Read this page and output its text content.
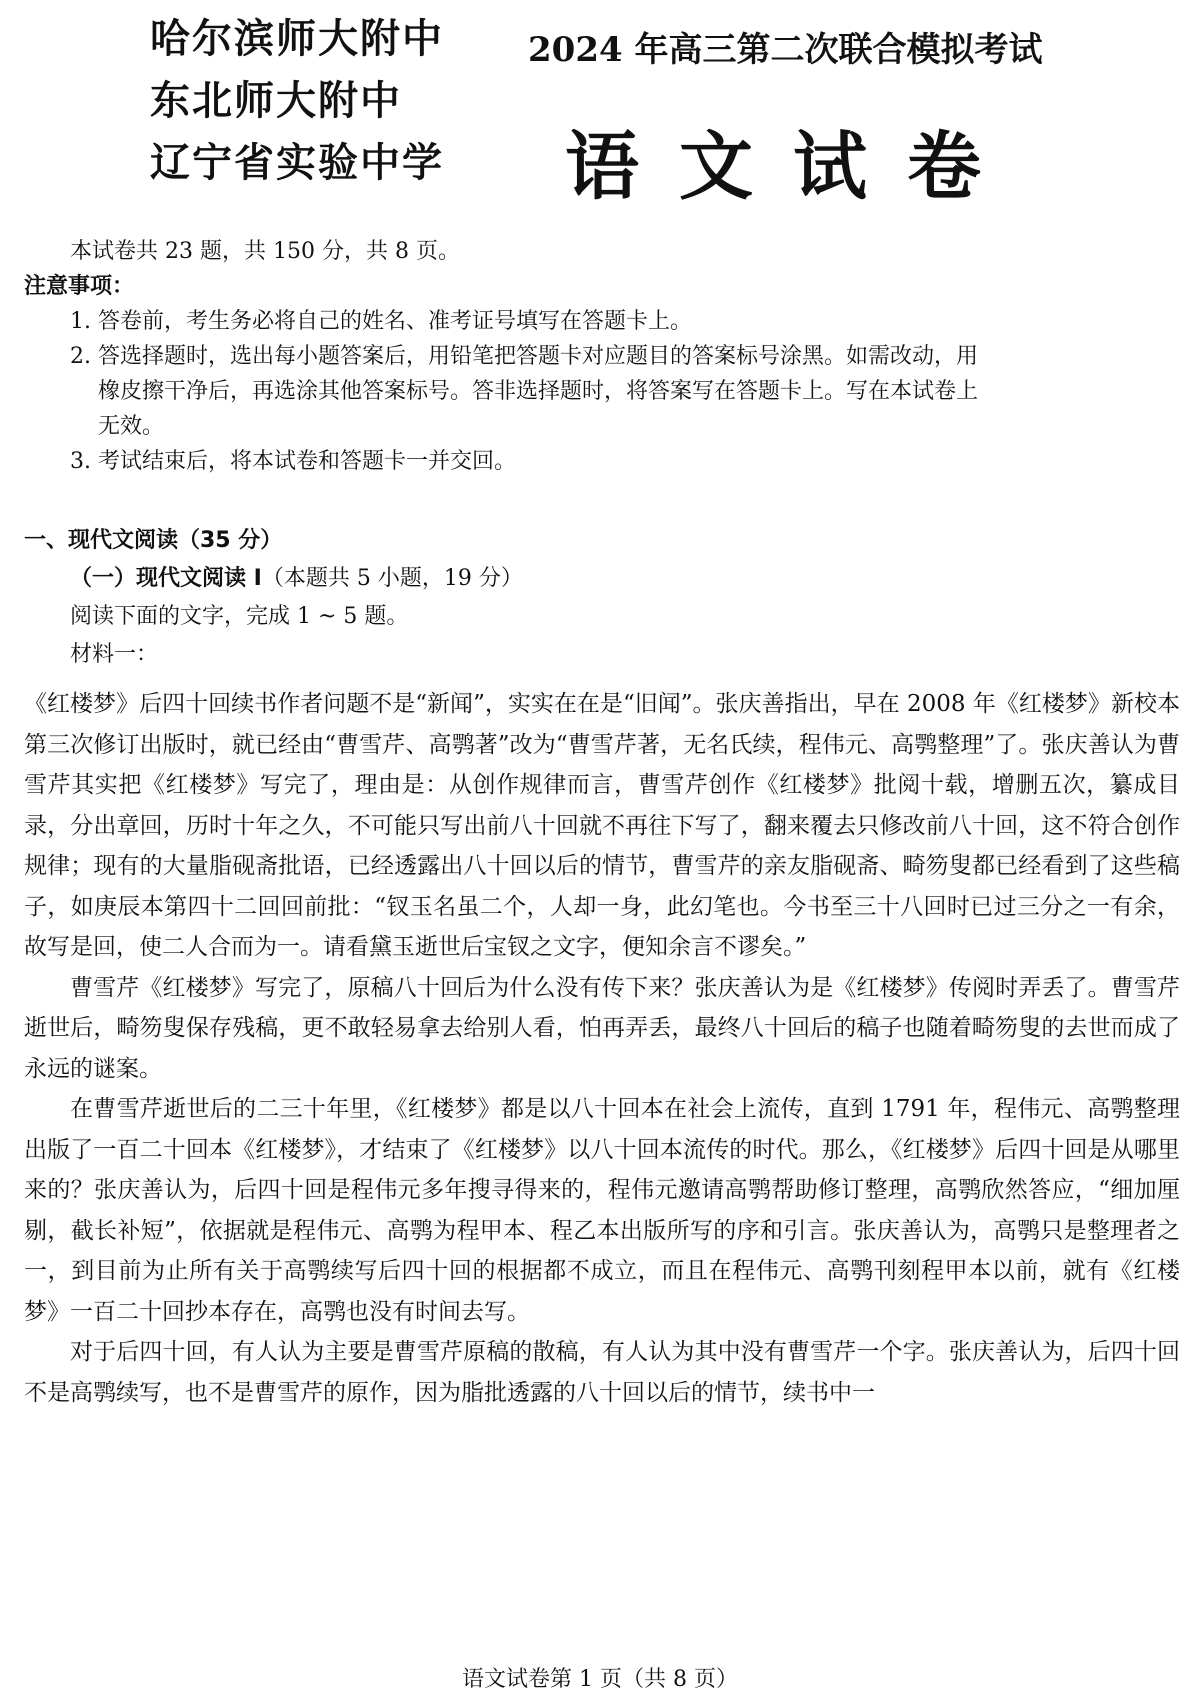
哈尔滨师大附中
东北师大附中
辽宁省实验中学
2024 年高三第二次联合模拟考试
语文试卷
本试卷共 23 题，共 150 分，共 8 页。
注意事项：
1. 答卷前，考生务必将自己的姓名、准考证号填写在答题卡上。
2. 答选择题时，选出每小题答案后，用铅笔把答题卡对应题目的答案标号涂黑。如需改动，用
橡皮擦干净后，再选涂其他答案标号。答非选择题时，将答案写在答题卡上。写在本试卷上
无效。
3. 考试结束后，将本试卷和答题卡一并交回。
一、现代文阅读（35 分）
（一）现代文阅读 Ⅰ（本题共 5 小题，19 分）
阅读下面的文字，完成 1 ~ 5 题。
材料一：

《红楼梦》后四十回续书作者问题不是“新闻”，实实在在是“旧闻”。张庆善指出，早在 2008 年《红楼梦》新校本第三次修订出版时，就已经由“曹雪芹、高鹗著”改为“曹雪芹著，无名氏续，程伟元、高鹗整理”了。张庆善认为曹雪芹其实把《红楼梦》写完了，理由是：从创作规律而言，曹雪芹创作《红楼梦》批阅十载，增删五次，纂成目录，分出章回，历时十年之久，不可能只写出前八十回就不再往下写了，翻来覆去只修改前八十回，这不符合创作规律；现有的大量脂砚斋批语，已经透露出八十回以后的情节，曹雪芹的亲友脂砚斋、畸笏叟都已经看到了这些稿子，如庚辰本第四十二回回前批：“钗玉名虽二个，人却一身，此幻笔也。今书至三十八回时已过三分之一有余，故写是回，使二人合而为一。请看黛玉逝世后宝钗之文字，便知余言不谬矣。”

曹雪芹《红楼梦》写完了，原稿八十回后为什么没有传下来？张庆善认为是《红楼梦》传阅时弄丢了。曹雪芹逝世后，畸笏叟保存残稿，更不敢轻易拿去给别人看，怕再弄丢，最终八十回后的稿子也随着畸笏叟的去世而成了永远的谜案。

在曹雪芹逝世后的二三十年里，《红楼梦》都是以八十回本在社会上流传，直到 1791 年，程伟元、高鹗整理出版了一百二十回本《红楼梦》，才结束了《红楼梦》以八十回本流传的时代。那么，《红楼梦》后四十回是从哪里来的？张庆善认为，后四十回是程伟元多年搜寻得来的，程伟元邀请高鹗帮助修订整理，高鹗欣然答应，“细加厘剔，截长补短”，依据就是程伟元、高鹗为程甲本、程乙本出版所写的序和引言。张庆善认为，高鹗只是整理者之一，到目前为止所有关于高鹗续写后四十回的根据都不成立，而且在程伟元、高鹗刊刻程甲本以前，就有《红楼梦》一百二十回抄本存在，高鹗也没有时间去写。

对于后四十回，有人认为主要是曹雪芹原稿的散稿，有人认为其中没有曹雪芹一个字。张庆善认为，后四十回不是高鹗续写，也不是曹雪芹的原作，因为脂批透露的八十回以后的情节，续书中一

语文试卷第 1 页（共 8 页）
